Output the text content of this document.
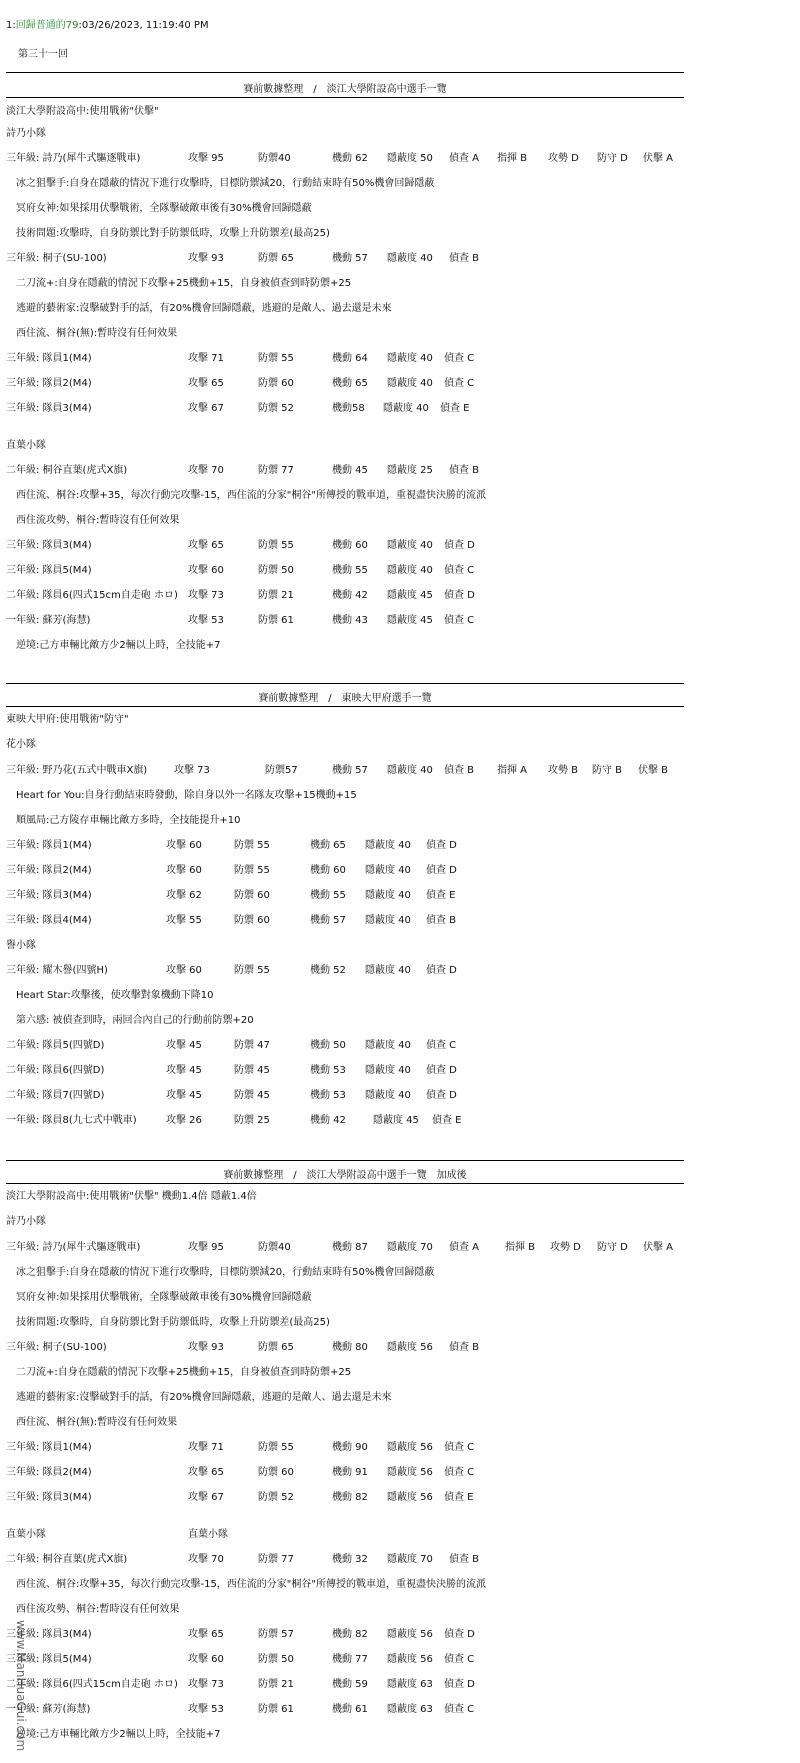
1:回歸普通的79:03/26/2023, 11:19:40 PM
第三十一回
賽前數據整理　/　淡江大學附設高中選手一覽
賽前數據整理　/　東映大甲府選手一覽
賽前數據整理　/　淡江大學附設高中選手一覽　加成後
淡江大學附設高中:使用戰術"伏擊"
詩乃小隊
三年級: 詩乃(犀牛式驅逐戰車)	攻擊 95	防禦40	機動 62 隱蔽度 50 偵查 A 指揮 B 攻勢 D 防守 D 伏擊 A
冰之狙擊手:自身在隱蔽的情況下進行攻擊時，目標防禦減20，行動結束時有50%機會回歸隱蔽
冥府女神:如果採用伏擊戰術，全隊擊破敵車後有30%機會回歸隱蔽
技術問題:攻擊時，自身防禦比對手防禦低時，攻擊上升防禦差(最高25)
三年級: 桐子(SU-100)	攻擊 93	防禦 65	機動 57 隱蔽度 40 偵查 B
二刀流+:自身在隱蔽的情況下攻擊+25機動+15，自身被偵查到時防禦+25
逃避的藝術家:沒擊破對手的話，有20%機會回歸隱蔽，逃避的是敵人、過去還是未來
西住流、桐谷(無):暫時沒有任何效果
三年級: 隊員1(M4)	攻擊 71	防禦 55	機動 64 隱蔽度 40 偵查 C
三年級: 隊員2(M4)	攻擊 65	防禦 60	機動 65 隱蔽度 40 偵查 C
三年級: 隊員3(M4)	攻擊 67	防禦 52	機動58 隱蔽度 40 偵查 E
直葉小隊
二年級: 桐谷直葉(虎式X旗)	攻擊 70	防禦 77	機動 45 隱蔽度 25 偵查 B
西住流、桐谷:攻擊+35，每次行動完攻擊-15，西住流的分家"桐谷"所傳授的戰車道，重視盡快決勝的流派
西住流攻勢、桐谷:暫時沒有任何效果
三年級: 隊員3(M4)	攻擊 65	防禦 55	機動 60 隱蔽度 40 偵查 D
三年級: 隊員5(M4)	攻擊 60	防禦 50	機動 55 隱蔽度 40 偵查 C
二年級: 隊員6(四式15cm自走砲 ホロ) 攻擊 73	防禦 21	機動 42 隱蔽度 45 偵查 D
一年級: 蘇芳(海慧)	攻擊 53	防禦 61	機動 43 隱蔽度 45 偵查 C
逆境:己方車輛比敵方少2輛以上時，全技能+7
東映大甲府:使用戰術"防守"
花小隊
三年級: 野乃花(五式中戰車X旗)	攻擊 73	防禦57	機動 57 隱蔽度 40 偵查 B 指揮 A 攻勢 B 防守 B 伏擊 B
Heart for You:自身行動結束時發動，除自身以外一名隊友攻擊+15機動+15
順風局:己方陵存車輛比敵方多時，全技能提升+10
三年級: 隊員1(M4)	攻擊 60	防禦 55	機動 65 隱蔽度 40 偵查 D
三年級: 隊員2(M4)	攻擊 60	防禦 55	機動 60 隱蔽度 40 偵查 D
三年級: 隊員3(M4)	攻擊 62	防禦 60	機動 55 隱蔽度 40 偵查 E
三年級: 隊員4(M4)	攻擊 55	防禦 60	機動 57 隱蔽度 40 偵查 B
譽小隊
三年級: 耀木譽(四號H)	攻擊 60	防禦 55	機動 52 隱蔽度 40 偵查 D
Heart Star:攻擊後，使攻擊對象機動下降10
第六感: 被偵查到時，兩回合內自己的行動前防禦+20
二年級: 隊員5(四號D)	攻擊 45	防禦 47	機動 50 隱蔽度 40 偵查 C
二年級: 隊員6(四號D)	攻擊 45	防禦 45	機動 53 隱蔽度 40 偵查 D
二年級: 隊員7(四號D)	攻擊 45	防禦 45	機動 53 隱蔽度 40 偵查 D
一年級: 隊員8(九七式中戰車)	攻擊 26	防禦 25	機動 42	隱蔽度 45 偵查 E
淡江大學附設高中:使用戰術"伏擊" 機動1.4倍 隱蔽1.4倍
詩乃小隊
三年級: 詩乃(犀牛式驅逐戰車)	攻擊 95	防禦40	機動 87 隱蔽度 70 偵查 A	指揮 B 攻勢 D 防守 D 伏擊 A
冰之狙擊手:自身在隱蔽的情況下進行攻擊時，目標防禦減20，行動結束時有50%機會回歸隱蔽
冥府女神:如果採用伏擊戰術，全隊擊破敵車後有30%機會回歸隱蔽
技術問題:攻擊時，自身防禦比對手防禦低時，攻擊上升防禦差(最高25)
三年級: 桐子(SU-100)	攻擊 93	防禦 65	機動 80 隱蔽度 56 偵查 B
二刀流+:自身在隱蔽的情況下攻擊+25機動+15，自身被偵查到時防禦+25
逃避的藝術家:沒擊破對手的話，有20%機會回歸隱蔽，逃避的是敵人、過去還是未來
西住流、桐谷(無):暫時沒有任何效果
三年級: 隊員1(M4)	攻擊 71	防禦 55	機動 90 隱蔽度 56 偵查 C
三年級: 隊員2(M4)	攻擊 65	防禦 60	機動 91 隱蔽度 56 偵查 C
三年級: 隊員3(M4)	攻擊 67	防禦 52	機動 82 隱蔽度 56 偵查 E
直葉小隊	直葉小隊
二年級: 桐谷直葉(虎式X旗)	攻擊 70	防禦 77	機動 32 隱蔽度 70 偵查 B
西住流、桐谷:攻擊+35，每次行動完攻擊-15，西住流的分家"桐谷"所傳授的戰車道，重視盡快決勝的流派
西住流攻勢、桐谷:暫時沒有任何效果
三年級: 隊員3(M4)	攻擊 65	防禦 57	機動 82 隱蔽度 56 偵查 D
三年級: 隊員5(M4)	攻擊 60	防禦 50	機動 77 隱蔽度 56 偵查 C
二年級: 隊員6(四式15cm自走砲 ホロ) 攻擊 73	防禦 21	機動 59 隱蔽度 63 偵查 D
一年級: 蘇芳(海慧)	攻擊 53	防禦 61	機動 61 隱蔽度 63 偵查 C
逆境:己方車輛比敵方少2輛以上時，全技能+7
www.ManHuaGui.com
